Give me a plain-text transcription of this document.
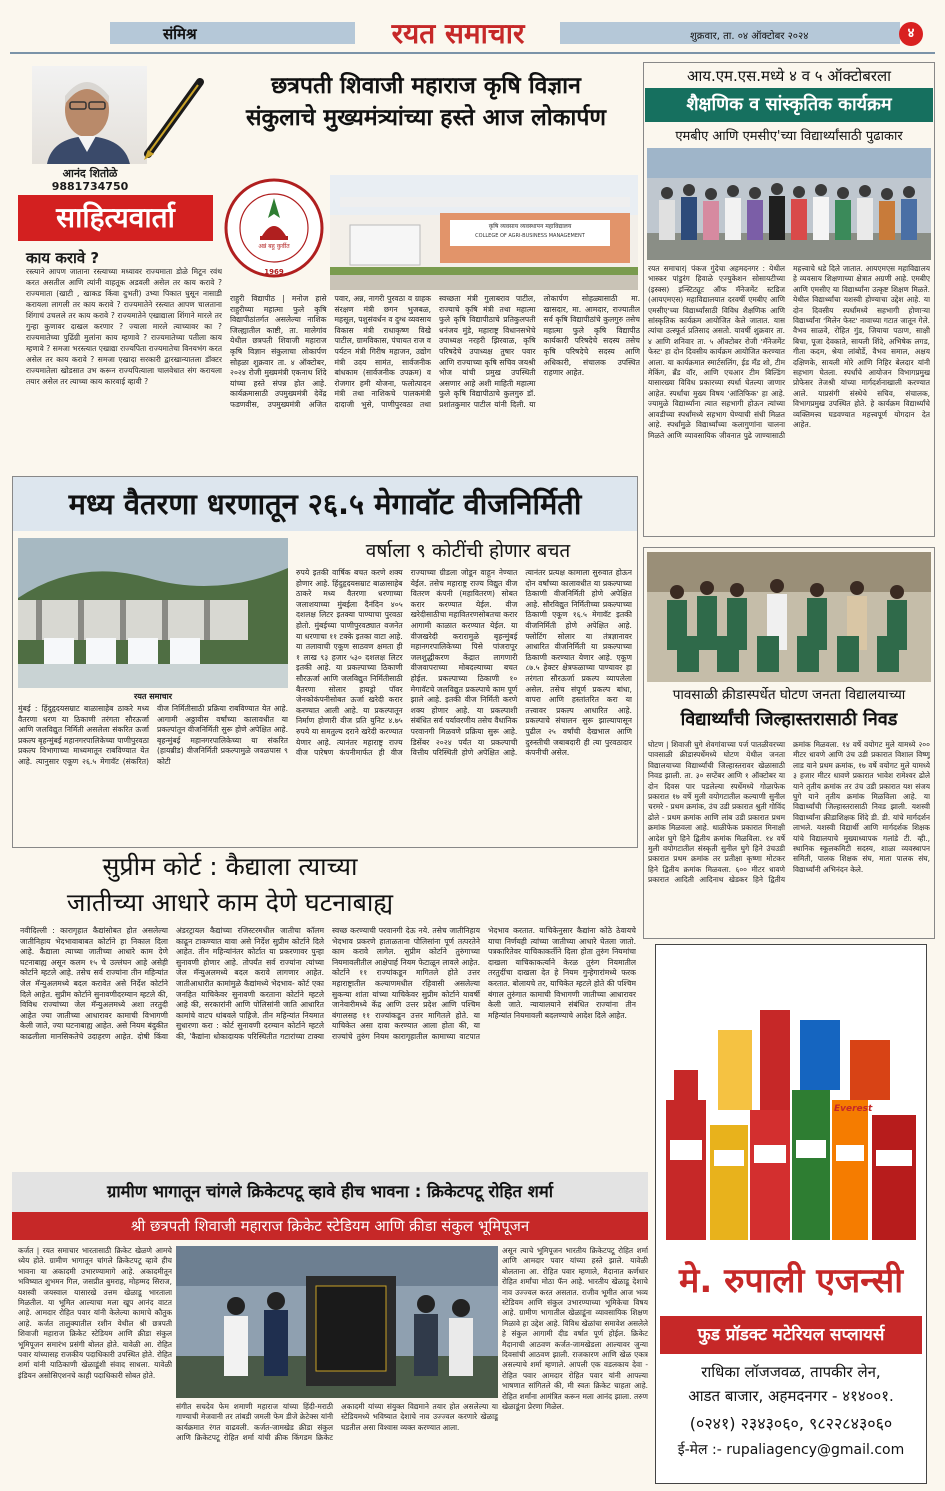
संमिश्र	रयत समाचार	शुक्रवार, ता. ०४ ऑक्टोबर २०२४	४
आनंद शितोळे
9881734750
साहित्यवार्ता
काय करावे ?
रस्त्याने आपण जाताना रस्त्याच्या मध्यावर राज्यमाता डोळे मिटून रवंथ करत असतील आणि त्यांनी वाहतूक अडवली असेल तर काय करावे ? राज्यमाता (खाटी , खाकड किंवा दुभती) उभ्या पिकात घुसून नासाडी करायला लागली तर काय करावे ? राज्यमातेने रस्त्यात आपण चालताना शिंगाचं उचलले तर काय करावे ? राज्यमातेने एखाद्याला शिंगाने मारले तर गुन्हा कुणावर दाखल करणार ? ज्याला मारले त्याच्यावर का ? राज्यमातेच्या पुढिंग्री मुलांना काय म्हणावे ? राज्यमातेच्या पतीला काय म्हणावे ? समजा भरस्त्यात एखाद्या राज्यपिता राज्यमातेचा विनयभंग करत असेल तर काय करावे ? समजा एखादा सरकारी द्वारखान्यातला डॉक्टर राज्यमातेला खोडसात उभ करून राज्यपित्याला चालवेधात संग करायला तयार असेल तर त्याच्या काय कारवाई व्हावी ?
छत्रपती शिवाजी महाराज कृषि विज्ञान
संकुलाचे मुख्यमंत्र्यांच्या हस्ते आज लोकार्पण
अन्नं बहु कुर्वीत
1969
कृषि व्यवसाय व्यवस्थापन महाविद्यालय
COLLEGE OF AGRI-BUSINESS MANAGEMENT
राहुरी विद्यापीठ | मनोज हासे राहुरीच्या महात्मा फुले कृषि विद्यापीठांतर्गत असलेल्या नाशिक जिल्ह्यातील काष्टी, ता. मालेगांव येथील छत्रपती शिवाजी महाराज कृषि विज्ञान संकुलाचा लोकार्पण सोहळा शुक्रवार ता. ४ ऑक्टोबर, २०२४ रोजी मुख्यमंत्री एकनाथ शिंदे यांच्या हस्ते संपन्न होत आहे. कार्यक्रमासाठी उपमुख्यमंत्री देवेंद्र फडणवीस, उपमुख्यमंत्री अजित पवार, अन्न, नागरी पुरवठा व ग्राहक संरक्षण मंत्री छगन भुजबळ, महसूल, पशुसंवर्धन व दुग्ध व्यवसाय विकास मंत्री राधाकृष्ण विखे पाटील, ग्रामविकास, पंचायत राज व पर्यटन मंत्री गिरीष महाजन, उद्योग मंत्री उदय सामंत, सार्वजनीक बांधकाम (सार्वजनीक उपक्रम) व रोजगार हमी योजना, फलोत्पादन मंत्री तथा नाशिकचे पालकमंत्री दादाजी भुसे, पाणीपुरवठा तथा स्वच्छता मंत्री गुलाबराव पाटील, राज्याचे कृषि मंत्री तथा महात्मा फुले कृषि विद्यापीठाचे प्रतिकुलपती धनंजय मुंडे, महाराष्ट्र विधानसभेचे उपाध्यक्ष नरहरी झिरवाळ, कृषि परिषदेचे उपाध्यक्ष तुषार पवार आणि राज्याच्या कृषि सचिव जयश्री भोज यांची प्रमुख उपस्थिती असणार आहे अशी माहिती महात्मा फुले कृषि विद्यापीठाचे कुलगुरु डॉ. प्रशांतकुमार पाटील यांनी दिली. या लोकार्पण सोहळ्यासाठी मा. खासदार, मा. आमदार, राज्यातील सर्व कृषि विद्यापीठांचे कुलगुरु तसेच महात्मा फुले कृषि विद्यापीठ कार्यकारी परिषदेचे सदस्य तसेच कृषि परिषदेचे सदस्य आणि अधिकारी, संचालक उपस्थित राहणार आहेत.
आय.एम.एस.मध्ये ४ व ५ ऑक्टोबरला
शैक्षणिक व सांस्कृतिक कार्यक्रम
एमबीए आणि एमसीए'च्या विद्यार्थ्यांसाठी पुढाकार
रयत समाचार| पंकज गुंदेचा अहमदनगर : येथील भास्कर पांडुरंग हिवाळे एज्युकेशन सोसायटीच्या (इस्क्स) इन्स्टिट्यूट ऑफ मॅनेजमेंट स्टडिज (आयएमएस) महाविद्यालयात दरवर्षी एमबीए आणि एमसीए'च्या विद्यार्थ्यांसाठी विविध शैक्षणिक आणि सांस्कृतिक कार्यक्रम आयोजित केले जातात. यास त्यांचा उत्स्फूर्त प्रतिसाद असतो. यावर्षी शुक्रवार ता. ४ आणि शनिवार ता. ५ ऑक्टोबर रोजी 'मॅनेजमेंट फेस्ट' हा दोन दिवसीय कार्यक्रम आयोजित करण्यात आला. या कार्यक्रमात स्मार्टसलिंग, ईड मँड शो, टीम मेकिंग, ब्रँड वॉर, आणि एचआर टीम बिल्डिंग यासारख्या विविध प्रकारच्या स्पर्धा घेतल्या जाणार आहेत. स्पर्धांचा मुख्य विषय 'आंतिफिक' हा आहे. ज्यामुळे विद्यार्थ्यांना त्यात सहभागी होऊन त्यांच्या आवडीच्या स्पर्धांमध्ये सहभाग घेण्याची संधी मिळत आहे. स्पर्धांमुळे विद्यार्थ्यांच्या कलागुणांना चालना मिळते आणि व्यावसायिक जीवनात पुढे जाण्यासाठी महत्त्वाचे धडे दिले जातात. आयएमएस महाविद्यालय हे व्यवसाय शिक्षणाच्या क्षेत्रात अग्रणी आहे. एमबीए आणि एमसीए या विद्यार्थ्यांना उत्कृष्ट शिक्षण मिळते. येथील विद्यार्थ्यांचा यशस्वी होण्याचा उद्देश आहे. या दोन दिवसीय स्पर्धांमध्ये सहभागी होणाऱ्या विद्यार्थ्यांना 'मिलेन फेस्ट' नावाच्या गटात जातून गेले. वैभव साळवे, रोहित गुंड, जियाया पठाण, साक्षी बिचा, पूजा देवकाते, सायली शिंदे, अभिषेक लगड, गीता कदम, श्रेया लांबोर्डे, वैभव समाल, अक्षय दक्षिणके, सायली मोरे आणि निहिर बेलदार यांनी सहभाग घेतला. स्पर्धांचे आयोजन विभागप्रमुख प्रोफेसर तेजश्री यांच्या मार्गदर्शनाखाली करण्यात आले. याप्रसंगी संस्थेचे सचिव, संचालक, विभागप्रमुख उपस्थित होते. हे कार्यक्रम विद्यार्थ्यांचे व्यक्तिमत्त्व घडवण्यात महत्त्वपूर्ण योगदान देत आहेत.
मध्य वैतरणा धरणातून २६.५ मेगावॉट वीजनिर्मिती
वर्षाला ९ कोटींची होणार बचत
रयत समाचार
मुंबई : हिंदुहृदयसम्राट बाळासाहेब ठाकरे मध्य वैतरणा धरण या ठिकाणी तरंगता सौरऊर्जा आणि जलविद्युत निर्मिती असलेला संकरित ऊर्जा प्रकल्प बृहन्मुंबई महानगरपालिकेच्या पाणीपुरवठा प्रकल्प विभागाच्या माध्यमातून राबविण्यात येत आहे. त्यानुसार एकूण २६.५ मेगावॅट (संकरित) वीज निर्मितीसाठी प्रक्रिया राबविण्यात येत आहे. आगामी अठ्ठावीस वर्षांच्या कालावधीत या प्रकल्पांतून वीजनिर्मिती सुरू होणे अपेक्षित आहे. बृहन्मुंबई महानगरपालिकेच्या या संकरित (हायब्रीड) वीजनिर्मिती प्रकल्पामुळे जवळपास ९ कोटी
रुपये इतकी वार्षिक बचत करणे शक्य होणार आहे. हिंदुहृदयसम्राट बाळासाहेब ठाकरे मध्य वैतरणा धरणाच्या जलाशयाच्या मुंबईला दैनंदिन ४०५ दशलक्ष लिटर इतक्या पाण्याचा पुरवठा होतो. मुंबईच्या पाणीपुरवठ्यात वजनेत या धरणाचा ११ टक्के इतका वाटा आहे. या तलावाची एकूण साठवण क्षमता ही १ लाख ९३ हजार ५३० दशलक्ष लिटर इतकी आहे. या प्रकल्पाच्या ठिकाणी सौरऊर्जा आणि जलविद्युत निर्मितीसाठी बैतरणा सोलार हायड्रो पॉवर जेनकोकंपनीसोबत ऊर्जा खरेदी करार करण्यात आली आहे. या प्रकल्पातून निर्माण होणारी वीज प्रति युनिट ४.७५ रुपये या समतुल्य दराने खरेदी करण्यात येणार आहे. त्यानंतर महाराष्ट्र राज्य वीज पारेषण कंपनीमार्फत ही वीज राज्याच्या ग्रीडला जोडून वाहून नेण्यात येईल. तसेच महाराष्ट्र राज्य विद्युत वीज वितरण कंपनी (महावितरण) सोबत करार करण्यात येईल. वीज खरेदीसाठीचा महावितरणसोबतचा करार आगामी काळात करण्यात येईल. या वीजखरेदी करारामुळे बृहन्मुंबई महानगरपालिकेच्या पिसे पांजरापूर जलशुद्धीकरण केंद्रात लागणारी वीजवापराच्या मोबदल्याच्या बचत होईल. प्रकल्पाच्या ठिकाणी १० मेगावॅटचे जलविद्युत प्रकल्पाचे काम पूर्ण झाले आहे. इतकी वीज निर्मिती करणे शक्य होणार आहे. या प्रकल्पाशी संबंधित सर्व पर्यावरणीय तसेच वैधानिक परवानगी मिळवणे प्रक्रिया सुरू आहे. डिसेंबर २०२४ पर्यंत या प्रकल्पाची वित्तीय परिस्थिती होणे अपेक्षित आहे. त्यानंतर प्रत्यक्ष कामाला सुरुवात होऊन दोन वर्षांच्या कालावधीत या प्रकल्पाच्या ठिकाणी वीजनिर्मिती होणे अपेक्षित आहे. सौरविद्युत निर्मितीच्या प्रकल्पाच्या ठिकाणी एकूण १६.५ मेगावॅट इतकी वीजनिर्मिती होणे अपेक्षित आहे. फ्लोटिंग सोलार या तंत्रज्ञानावर आधारित वीजनिर्मिती या प्रकल्पाच्या ठिकाणी करण्यात येणार आहे. एकूण ८७.५ हेक्टर क्षेत्रफळाच्या पाण्यावर हा तरंगता सौरऊर्जा प्रकल्प व्यापलेला असेल. तसेच संपूर्ण प्रकल्प बांधा, वापरा आणि हस्तांतरित करा या तत्त्वावर प्रकल्प आधारित आहे. प्रकल्पाचे संचालन सुरू झाल्यापासून पुढील २५ वर्षांची देखभाल आणि दुरुस्तीची जबाबदारी ही त्या पुरवठादार कंपनीची असेल.
पावसाळी क्रीडास्पर्धेत घोटण जनता विद्यालयाच्या
विद्यार्थ्यांची जिल्हास्तरासाठी निवड
घोटण | शिवाजी घुगे शेवगांवाच्या पर्ज पातळीवरच्या पावसाळी क्रीडास्पर्धेमध्ये घोटण येथील जनता विद्यालयाच्या विद्यार्थ्यांची जिल्हास्तरावर खेळासाठी निवड झाली. ता. ३० सप्टेंबर आणि १ ऑक्टोबर या दोन दिवस पार पडलेल्या स्पर्धेमध्ये गोळाफेक प्रकारात १७ वर्षे मुली वयोगटातील कल्याणी सुनील चरमरे - प्रथम क्रमांक, उंच उडी प्रकारात श्रुती गोविंद ढोले - प्रथम क्रमांक आणि लांब उडी प्रकारात प्रथम क्रमांक मिळवला आहे. थाळीफेक प्रकारात मिनाक्षी आदेश घुगे हिने द्वितीय क्रमांक मिळविला. १४ वर्षे मुली वयोगटातील संस्कृती सुनील घुगे हिने उंचउडी प्रकारात प्रथम क्रमांक तर प्रतीक्षा कृष्णा मोटकर हिने द्वितीय क्रमांक मिळवला. ६०० मीटर धावणे प्रकारात आदिती आदिनाथ खेडकर हिने द्वितीय क्रमांक मिळवला. १४ वर्षे वयोगट मुले यामध्ये २०० मीटर धावणे आणि उंच उडी प्रकारात विशाल विष्णू लाड याने प्रथम क्रमांक, १७ वर्षे वयोगट मुले यामध्ये ३ हजार मीटर धावणे प्रकारात भावेश रामेश्वर ढोले याने तृतीय क्रमांक तर उंच उडी प्रकारात यश संजय घुगे याने तृतीय क्रमांक मिळविला आहे. या विद्यार्थ्यांची जिल्हास्तरासाठी निवड झाली. यशस्वी विद्यार्थ्यांना क्रीडाशिक्षक शिंदे डी. डी. यांचे मार्गदर्शन लाभले. यशस्वी विद्यार्थी आणि मार्गदर्शक शिक्षक यांचे विद्यालयाचे मुख्याध्यापक गलांडे टी. व्ही., स्थानिक स्कूलकमिटी सदस्य, शाळा व्यवस्थापन समिती, पालक शिक्षक संघ, माता पालक संघ, विद्यार्थ्यांनी अभिनंदन केले.
सुप्रीम कोर्ट : कैद्याला त्याच्या
जातीच्या आधारे काम देणे घटनाबाह्य
नवीदिल्ली : कारागृहात कैद्यांसोबत होत असलेल्या जातीनिहाय भेदभावाबाबत कोर्टाने हा निकाल दिला आहे. कैद्याला त्याच्या जातीच्या आधारे काम देणे घटनाबाह्य असून कलम १५ चे उल्लंघन आहे असेही कोर्टाने म्हटले आहे. तसेच सर्व राज्यांना तीन महिन्यांत जेल मॅन्युअलमध्ये बदल करावेत असे निर्देश कोर्टाने दिले आहेत. सुप्रीम कोर्टाने सुनावणीदरम्यान म्हटले की, विविध राज्यांच्या जेल मॅन्युअलमध्ये अशा तरतुदी आहेत ज्या जातीच्या आधारावर कामाची विभागणी केली जाते, ज्या घटनाबाह्य आहेत. असे नियम बंदुकीत काढलीला मानसिकतेचे उदाहरण आहेत. दोषी किंवा अंडरट्रायल कैद्यांच्या रजिस्टरमधील जातीचा कॉलम काढून टाकण्यात यावा असे निर्देश सुप्रीम कोर्टाने दिले आहेत. तीन महिन्यांनंतर कोर्टात या प्रकरणावर पुन्हा सुनावणी होणार आहे. तोपर्यंत सर्व राज्यांना त्यांच्या जेल मॅन्युअलमध्ये बदल करावे लागणार आहेत. जातीआधारीत कामांमुळे कैद्यांमध्ये भेदभाव- कोर्ट एका जनहित याचिकेवर सुनावणी करताना कोर्टाने म्हटले आहे की, सरकारांनी आणि पोलिसांनी जाति आधारित कामांचे वाटप थांबवले पाहिजे. तीन महिन्यांत नियमात सुधारणा करा : कोर्ट सुनावणी दरम्यान कोर्टाने म्हटले की, 'कैद्यांना धोकादायक परिस्थितीत गटारांच्या टाक्या स्वच्छ करण्याची परवानगी देऊ नये. तसेच जातीनिहाय भेदभाव प्रकरणे हाताळताना पोलिसांना पूर्ण तत्परतेने काम करावे लागेल. सुप्रीम कोर्टाने तुरुंगाच्या नियमावलीतील आक्षेपार्ह नियम फेटाळून लावले आहेत. कोर्टाने ११ राज्यांकडून मागितले होते उत्तर महाराष्ट्रातील कल्याणमधील रहिवासी असलेल्या सुकन्या शांता यांच्या याचिकेवर सुप्रीम कोर्टाने यावर्षी जानेवारीमध्ये केंद्र आणि उत्तर प्रदेश आणि पश्चिम बंगालसह ११ राज्यांकडून उत्तर मागितले होते. या याचिकेत असा दावा करण्यात आला होता की, या राज्यांचे तुरुंग नियम कारागृहातील कामाच्या वाटपात भेदभाव करतात. याचिकेनुसार कैद्यांना कोठे ठेवायचे याचा निर्णयही त्यांच्या जातीच्या आधारे घेतला जातो. पत्रकारितेवर याचिकाकर्तीने दिला होता तुरुंग नियमांचा दाखला याचिकाकर्त्याने केरळ तुरुंग नियमातील तरतुदींचा दाखला देत हे नियम गुन्हेगारांमध्ये फरक करतात. बोलायचे तर, याचिकेत म्हटले होते की पश्चिम बंगाल तुरुंगात कामाची विभागणी जातीच्या आधारावर केली जाते. न्यायालयाने संबंधित राज्यांना तीन महिन्यांत नियमावली बदलण्याचे आदेश दिले आहेत.
Everest
मे. रुपाली एजन्सी
फुड प्रॉडक्ट मटेरियल सप्लायर्स
राधिका लॉजजवळ, तापकीर लेन,
आडत बाजार, अहमदनगर - ४१४००१.
(०२४१) २३४३०६०, ९८२२८४३०६०
ई-मेल :- rupaliagency@gmail.com
ग्रामीण भागातून चांगले क्रिकेटपटू व्हावे हीच भावना : क्रिकेटपटू रोहित शर्मा
श्री छत्रपती शिवाजी महाराज क्रिकेट स्टेडियम आणि क्रीडा संकुल भूमिपूजन
कर्जत | रयत समाचार भारतासाठी क्रिकेट खेळणे आमचे ध्येय होते. ग्रामीण भागातून चांगले क्रिकेटपटू व्हावे हीच भावना या अकादमी उभारण्यामागे आहे. अकादमीतून भविष्यात शुभमन गिल, जसप्रीत बुमराह, मोहम्मद सिराज, यशस्वी जयस्वाल यासारखे उत्तम खेळाडू भारताला मिळतील. या भूमित आल्याचा मला खूप आनंद वाटत आहे. आमदार रोहित पवार यांनी केलेल्या कामाचे कौतुक आहे. कर्जत तालुक्यातील रशीन येथील श्री छत्रपती शिवाजी महाराज क्रिकेट स्टेडियम आणि क्रीडा संकुल भूमिपूजन समारंभ प्रसंगी बोलत होते. यावेळी आ. रोहित पवार यांच्यासह राजकीय पदाधिकारी उपस्थित होते. रोहित शर्मा यांनी याठिकाणी खेळाडूंशी संवाद साधला. यावेळी इंडियन असोसिएशनचे काही पदाधिकारी सोबत होते.
संगीत सचदेव फेम शमाणी महाराज यांच्या हिंदी-मराठी गाण्याची मेजवानी तर तांबडी जमली फेम डीजे क्रेटेक्स यांनी कार्यक्रमात रंगत वाढवली. कर्जत-जामखेड क्रीडा संकुल आणि क्रिकेटपटू रोहित शर्मा यांची क्रीक किंगडम क्रिकेट अकादमी यांच्या संयुक्त विद्यमाने तयार होत असलेल्या या स्टेडियमध्ये भविष्यात देशाचे नाव उज्ज्वल करणारे खेळाडू घडतील असा विश्वास व्यक्त करण्यात आला.
असून त्याचे भूमिपूजन भारतीय क्रिकेटपटू रोहित शर्मा आणि आमदार पवार यांच्या हस्ते झाले. यावेळी बोलताना आ. रोहित पवार म्हणाले, मैदानात कर्णधार रोहित शर्मांचा मोठा फॅन आहे. भारतीय खेळाडू देशाचे नाव उज्ज्वल करत असतात. राजीव भूमीत आज भव्य स्टेडियम आणि संकुल उभारण्याच्या भूमिकेचा विषय आहे. ग्रामीण भागातील खेळाडूंना व्यावसायिक शिक्षण मिळावे हा उद्देश आहे. विविध खेळांचा समावेश असलेले हे संकुल आगामी दीड वर्षात पूर्ण होईल. क्रिकेट मैदानाची आठवण कर्जत-जामखेडला आल्यावर जुन्या दिवसांची आठवण झाली. राजकारण आणि खेळ एकत्र असल्याचे शर्मा म्हणाले. आपली एक वडलकाय देवा - रोहित पवार आमदार रोहित पवार यांनी आपल्या भाषणात सांगितले की, मी स्वतः क्रिकेट चाहता आहे. रोहित शर्मांना आमंत्रित करून मला आनंद झाला. तरुण खेळाडूंना प्रेरणा मिळेल.
